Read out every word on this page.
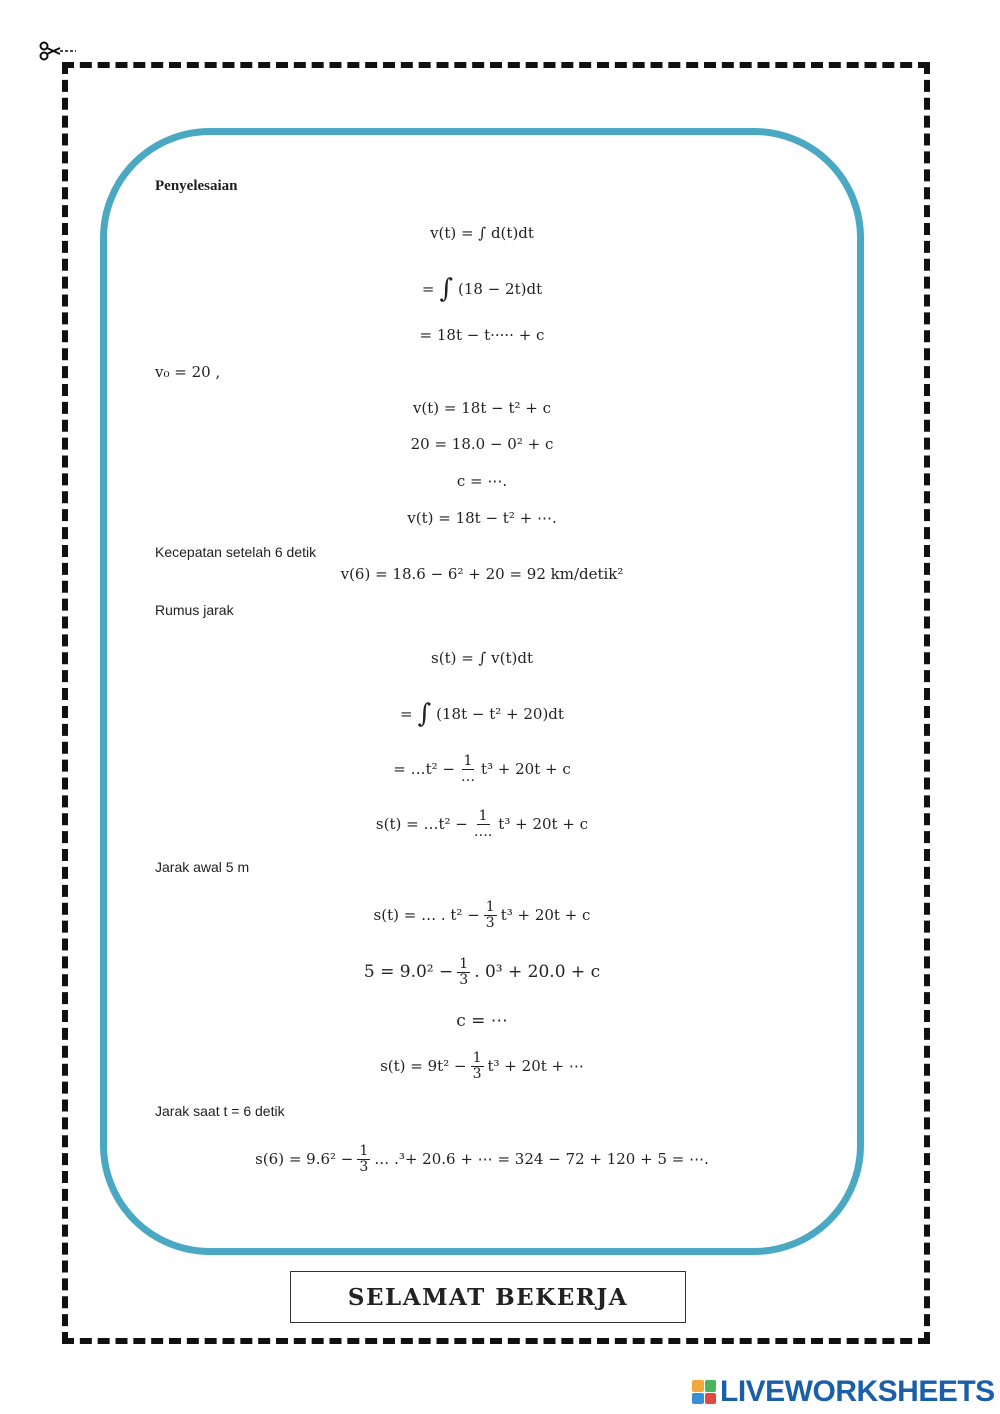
Penyelesaian
v(t) = ∫ d(t)dt
= ∫ (18 − 2t)dt
= 18t − t····· + c
v₀ = 20 ,
v(t) = 18t − t² + c
20 = 18.0 − 0² + c
c = ⋯.
v(t) = 18t − t² + ⋯.
Kecepatan setelah 6 detik
v(6) = 18.6 − 6² + 20 = 92 km/detik²
Rumus jarak
s(t) = ∫ v(t)dt
= ∫ (18t − t² + 20)dt
= …t² − $\frac{1}{\dots} t^3 + 20t + c$
s(t) = …t² − $\frac{1}{\dots.} t^3 + 20t + c$
Jarak awal 5 m
s(t) = … . $t^2 - \frac{1}{3} t^3 + 20t + c$
$5 = 9.0^2 - \frac{1}{3}$ . 0³ + 20.0 + c
c = ⋯
$s(t) = 9t^2 - \frac{1}{3} t^3 + 20t$ + ⋯
Jarak saat t = 6 detik
$s(6) = 9.6^2 - \frac{1}{3}$ … .³+ 20.6 + ⋯ = 324 − 72 + 120 + 5 = ⋯.
SELAMAT BEKERJA
LIVEWORKSHEETS
